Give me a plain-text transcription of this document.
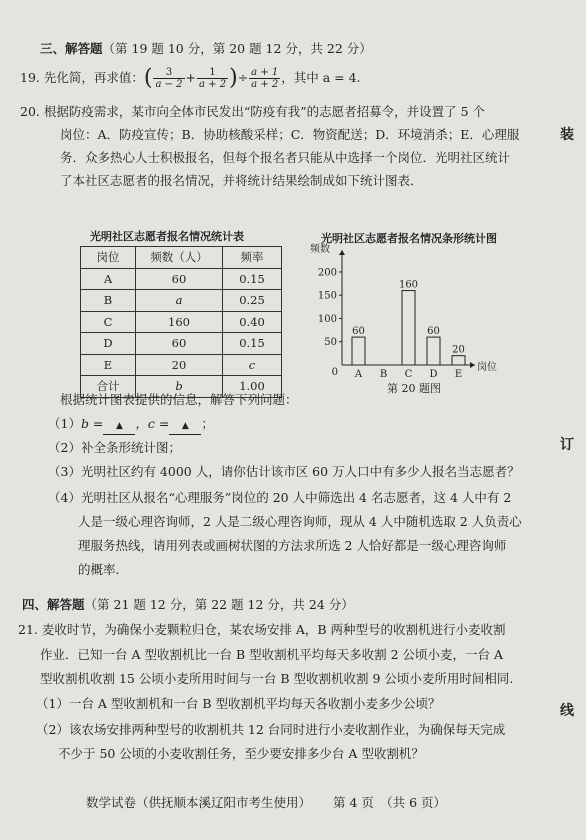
三、解答题（第 19 题 10 分，第 20 题 12 分，共 22 分）
19. 先化简，再求值：( $\frac{3}{a - 2} + \frac{1}{a + 2}$ )÷ $\frac{a + 1}{a + 2}$ ，其中 a = 4.
20. 根据防疫需求，某市向全体市民发出“防疫有我”的志愿者招募令，并设置了 5 个
岗位：A．防疫宣传；B．协助核酸采样；C．物资配送；D．环境消杀；E．心理服
务．众多热心人士积极报名，但每个报名者只能从中选择一个岗位．光明社区统计
了本社区志愿者的报名情况，并将统计结果绘制成如下统计图表．
光明社区志愿者报名情况统计表
岗位	频数（人）	频率
A	60	0.15
B	a	0.25
C	160	0.40
D	60	0.15
E	20	c
合计	b	1.00
光明社区志愿者报名情况条形统计图
频数
岗位
0
50
100
150
200
60
A B
160
C
60
D
20
E
第 20 题图
根据统计图表提供的信息，解答下列问题：
（1）b = ▲ ，c = ▲ ；
（2）补全条形统计图；
（3）光明社区约有 4000 人，请你估计该市区 60 万人口中有多少人报名当志愿者？
（4）光明社区从报名“心理服务”岗位的 20 人中筛选出 4 名志愿者，这 4 人中有 2
人是一级心理咨询师，2 人是二级心理咨询师，现从 4 人中随机选取 2 人负责心
理服务热线，请用列表或画树状图的方法求所选 2 人恰好都是一级心理咨询师
的概率.
四、解答题（第 21 题 12 分，第 22 题 12 分，共 24 分）
21. 麦收时节，为确保小麦颗粒归仓，某农场安排 A，B 两种型号的收割机进行小麦收割
作业．已知一台 A 型收割机比一台 B 型收割机平均每天多收割 2 公顷小麦，一台 A
型收割机收割 15 公顷小麦所用时间与一台 B 型收割机收割 9 公顷小麦所用时间相同.
（1）一台 A 型收割机和一台 B 型收割机平均每天各收割小麦多少公顷？
（2）该农场安排两种型号的收割机共 12 台同时进行小麦收割作业，为确保每天完成
不少于 50 公顷的小麦收割任务，至少要安排多少台 A 型收割机？
数学试卷（供抚顺本溪辽阳市考生使用） 第 4 页　（共 6 页）
装
订
线
